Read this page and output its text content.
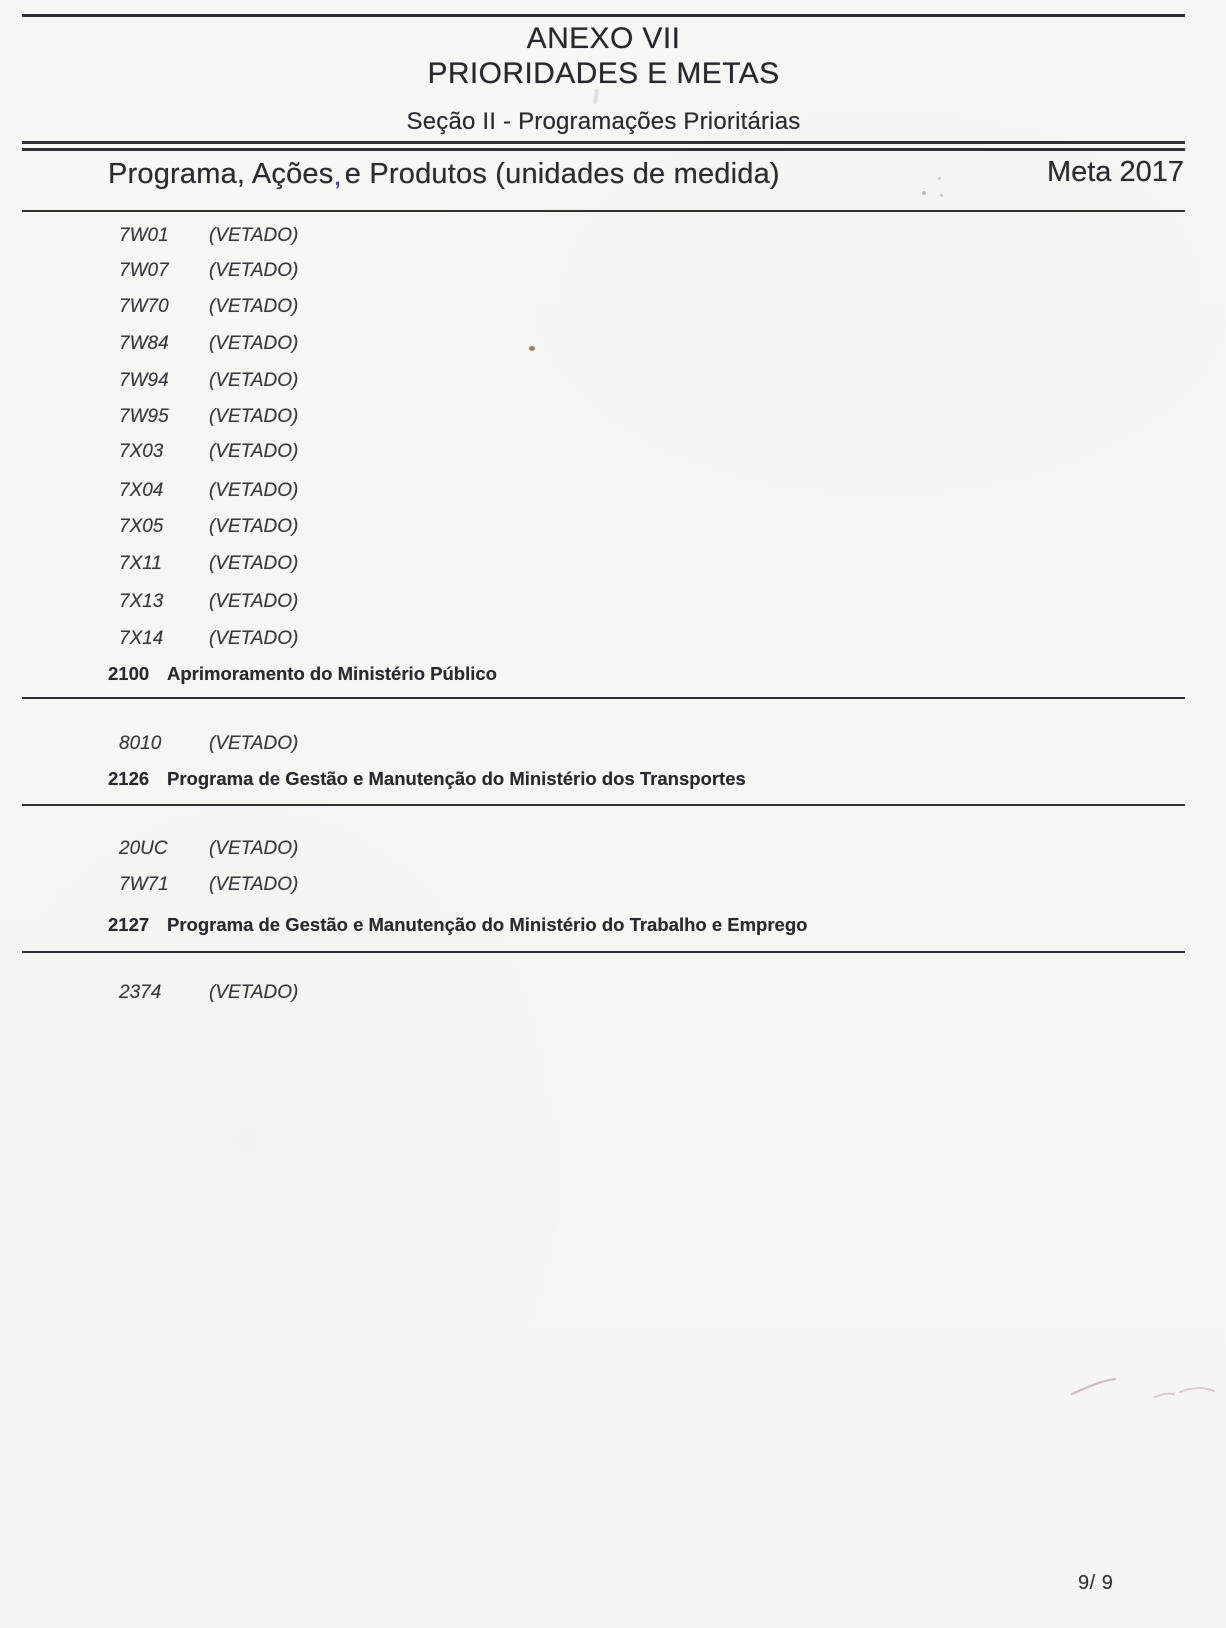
ANEXO VII
PRIORIDADES E METAS
Seção II - Programações Prioritárias
Programa, Ações, e Produtos (unidades de medida)	Meta 2017
7W01 (VETADO)
7W07 (VETADO)
7W70 (VETADO)
7W84 (VETADO)
7W94 (VETADO)
7W95 (VETADO)
7X03 (VETADO)
7X04 (VETADO)
7X05 (VETADO)
7X11 (VETADO)
7X13 (VETADO)
7X14 (VETADO)
2100 Aprimoramento do Ministério Público
8010	(VETADO)
2126 Programa de Gestão e Manutenção do Ministério dos Transportes
20UC (VETADO)
7W71 (VETADO)
2127 Programa de Gestão e Manutenção do Ministério do Trabalho e Emprego
2374	(VETADO)
9/ 9
